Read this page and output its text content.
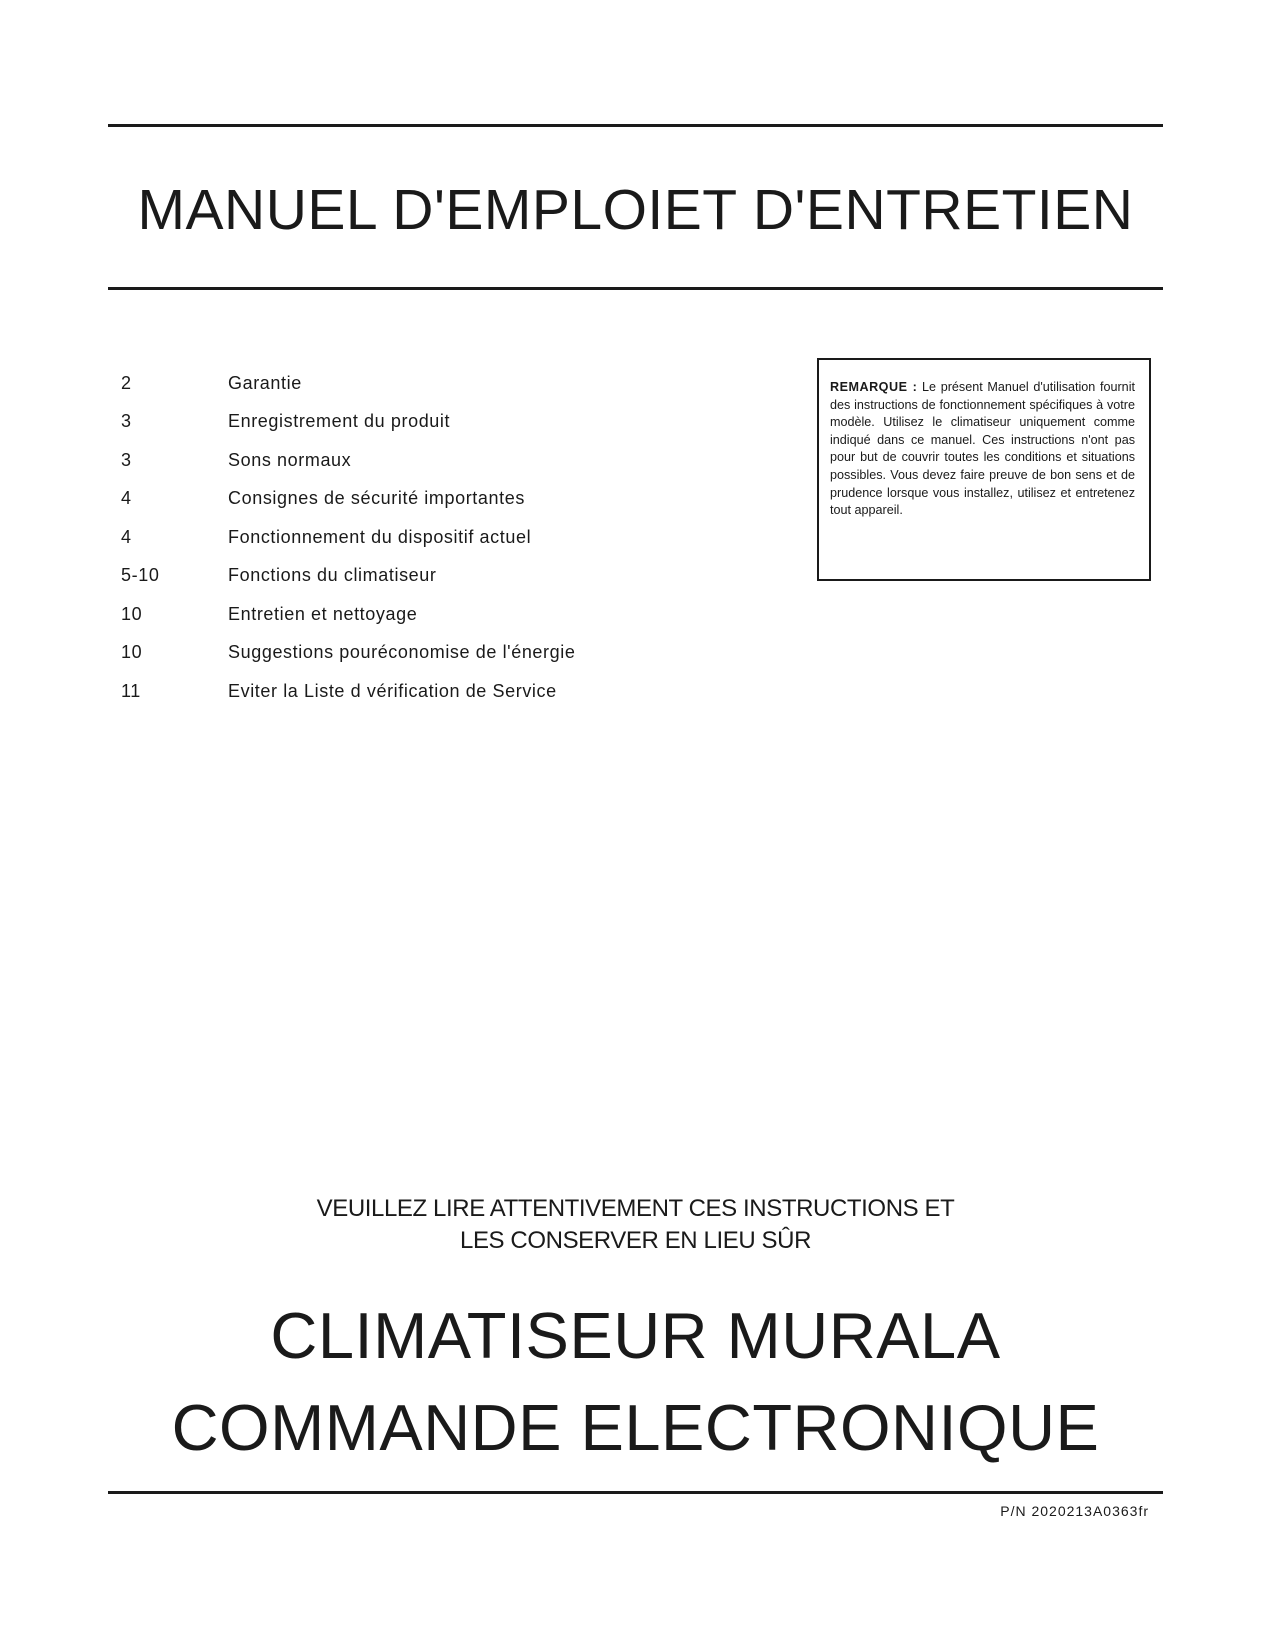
MANUEL D'EMPLOIET D'ENTRETIEN
2	Garantie
3	Enregistrement du produit
3	Sons normaux
4	Consignes de sécurité importantes
4	Fonctionnement du dispositif actuel
5-10	Fonctions du climatiseur
10	Entretien et nettoyage
10	Suggestions pouréconomise de l'énergie
11	Eviter la Liste d vérification de Service
REMARQUE : Le présent Manuel d'utilisation fournit des instructions de fonctionnement spécifiques à votre modèle. Utilisez le climatiseur uniquement comme indiqué dans ce manuel. Ces instructions n'ont pas pour but de couvrir toutes les conditions et situations possibles. Vous devez faire preuve de bon sens et de prudence lorsque vous installez, utilisez et entretenez tout appareil.
VEUILLEZ LIRE ATTENTIVEMENT CES INSTRUCTIONS ET
LES CONSERVER EN LIEU SÛR
CLIMATISEUR MURALA
COMMANDE ELECTRONIQUE
P/N 2020213A0363fr
